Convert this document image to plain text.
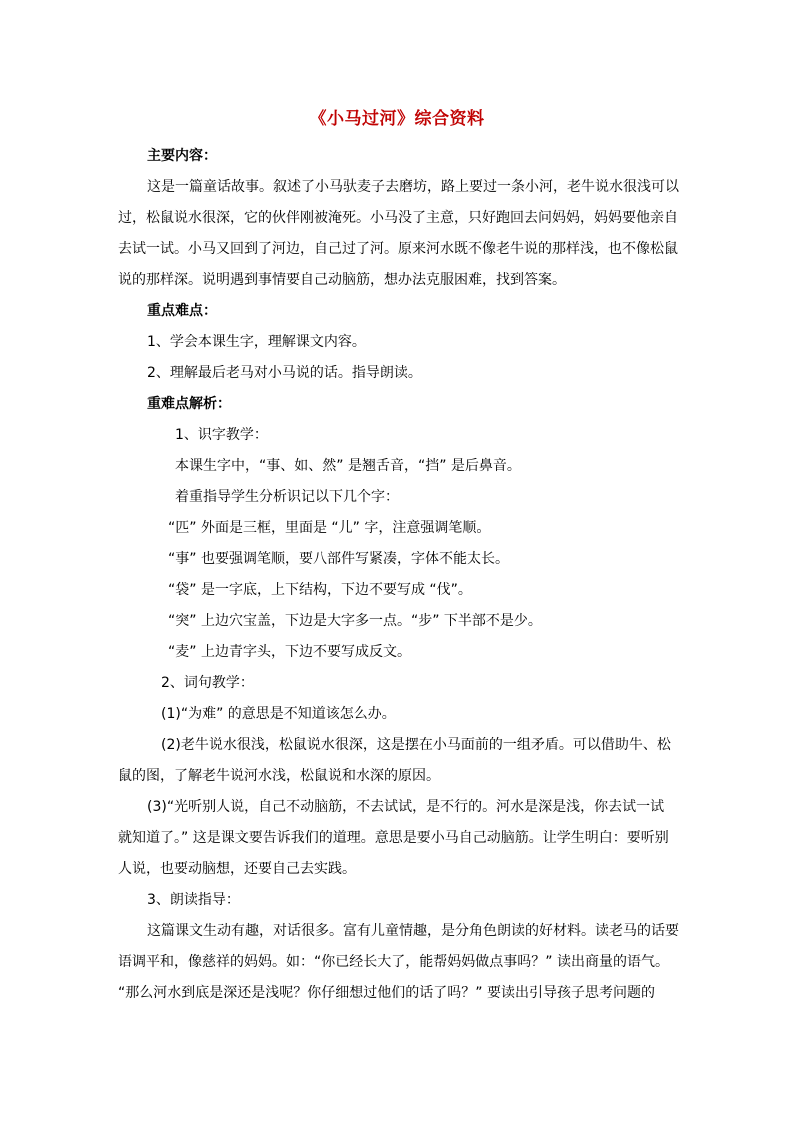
《小马过河》综合资料
主要内容：
这是一篇童话故事。叙述了小马驮麦子去磨坊，路上要过一条小河，老牛说水很浅可以
过，松鼠说水很深，它的伙伴刚被淹死。小马没了主意，只好跑回去问妈妈，妈妈要他亲自
去试一试。小马又回到了河边，自己过了河。原来河水既不像老牛说的那样浅，也不像松鼠
说的那样深。说明遇到事情要自己动脑筋，想办法克服困难，找到答案。
重点难点：
1、学会本课生字，理解课文内容。
2、理解最后老马对小马说的话。指导朗读。
重难点解析：
1、识字教学：
本课生字中，“事、如、然” 是翘舌音，“挡” 是后鼻音。
着重指导学生分析识记以下几个字：
“匹” 外面是三框，里面是 “儿” 字，注意强调笔顺。
“事” 也要强调笔顺，要八部件写紧凑，字体不能太长。
“袋” 是一字底，上下结构，下边不要写成 “伐”。
“突” 上边穴宝盖，下边是大字多一点。“步” 下半部不是少。
“麦” 上边青字头，下边不要写成反文。
2、词句教学：
(1)“为难” 的意思是不知道该怎么办。
(2)老牛说水很浅，松鼠说水很深，这是摆在小马面前的一组矛盾。可以借助牛、松
鼠的图，了解老牛说河水浅，松鼠说和水深的原因。
(3)“光听别人说，自己不动脑筋，不去试试，是不行的。河水是深是浅，你去试一试
就知道了。” 这是课文要告诉我们的道理。意思是要小马自己动脑筋。让学生明白：要听别
人说，也要动脑想，还要自己去实践。
3、朗读指导：
这篇课文生动有趣，对话很多。富有儿童情趣，是分角色朗读的好材料。读老马的话要
语调平和，像慈祥的妈妈。如：“你已经长大了，能帮妈妈做点事吗？” 读出商量的语气。
“那么河水到底是深还是浅呢？你仔细想过他们的话了吗？” 要读出引导孩子思考问题的
